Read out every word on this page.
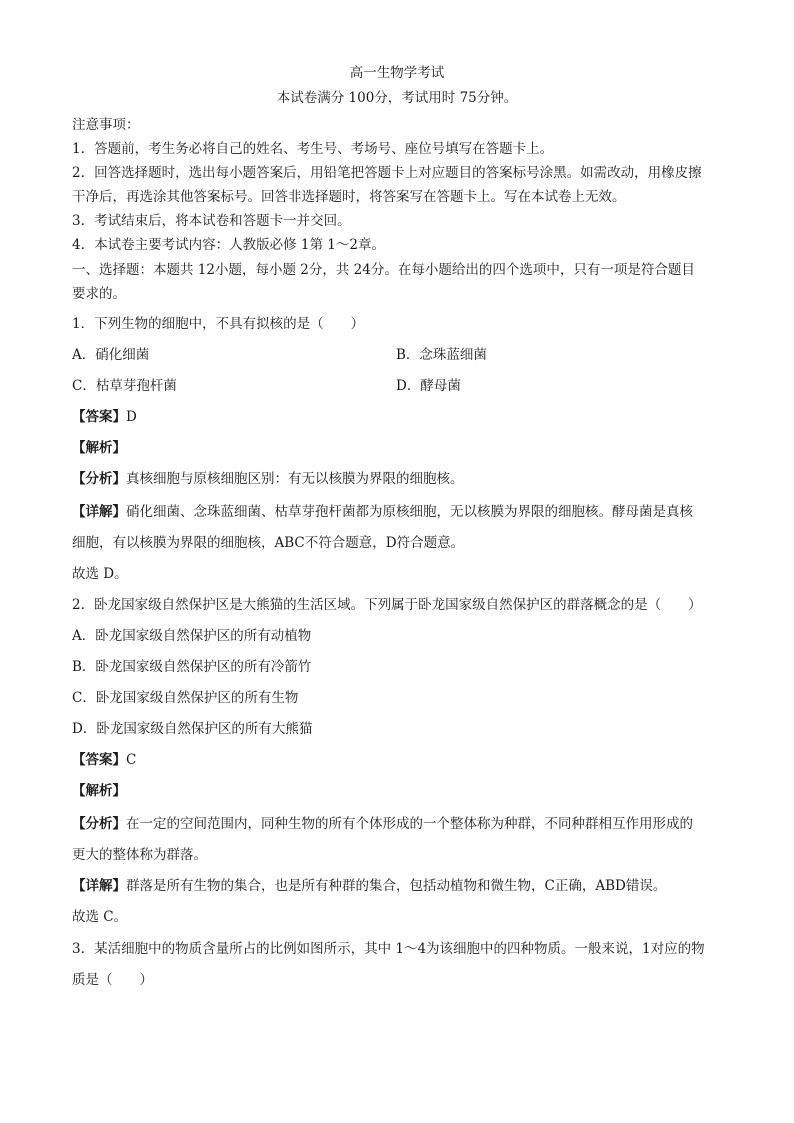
高一生物学考试
本试卷满分 100分，考试用时 75分钟。
注意事项：
1．答题前，考生务必将自己的姓名、考生号、考场号、座位号填写在答题卡上。
2．回答选择题时，选出每小题答案后，用铅笔把答题卡上对应题目的答案标号涂黑。如需改动，用橡皮擦
干净后，再选涂其他答案标号。回答非选择题时，将答案写在答题卡上。写在本试卷上无效。
3．考试结束后，将本试卷和答题卡一并交回。
4．本试卷主要考试内容：人教版必修 1第 1～2章。
一、选择题：本题共 12小题，每小题 2分，共 24分。在每小题给出的四个选项中，只有一项是符合题目
要求的。
1．下列生物的细胞中，不具有拟核的是（　　）
A．硝化细菌	B．念珠蓝细菌
C．枯草芽孢杆菌	D．酵母菌
【答案】D
【解析】
【分析】真核细胞与原核细胞区别：有无以核膜为界限的细胞核。
【详解】硝化细菌、念珠蓝细菌、枯草芽孢杆菌都为原核细胞，无以核膜为界限的细胞核。酵母菌是真核
细胞，有以核膜为界限的细胞核，ABC不符合题意，D符合题意。
故选 D。
2．卧龙国家级自然保护区是大熊猫的生活区域。下列属于卧龙国家级自然保护区的群落概念的是（　　）
A．卧龙国家级自然保护区的所有动植物
B．卧龙国家级自然保护区的所有冷箭竹
C．卧龙国家级自然保护区的所有生物
D．卧龙国家级自然保护区的所有大熊猫
【答案】C
【解析】
【分析】在一定的空间范围内，同种生物的所有个体形成的一个整体称为种群，不同种群相互作用形成的
更大的整体称为群落。
【详解】群落是所有生物的集合，也是所有种群的集合，包括动植物和微生物，C正确，ABD错误。
故选 C。
3．某活细胞中的物质含量所占的比例如图所示，其中 1～4为该细胞中的四种物质。一般来说，1对应的物
质是（　　）
